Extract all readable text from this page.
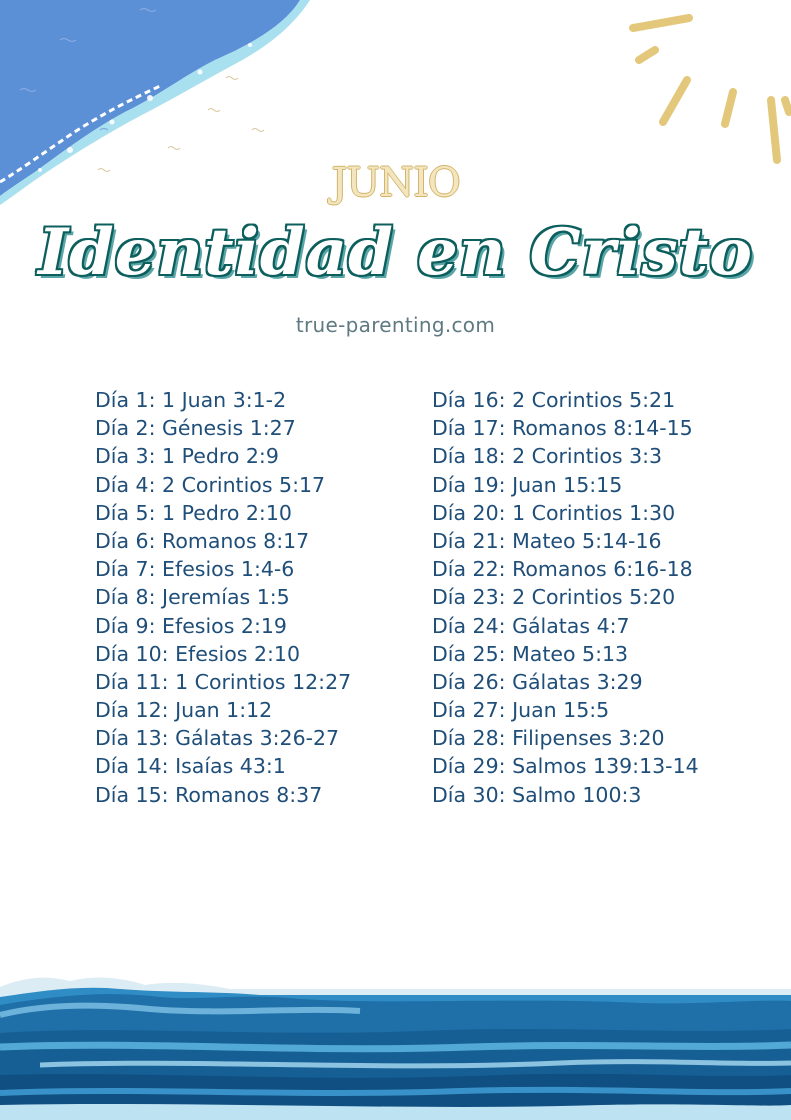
JUNIO
Identidad en Cristo
true-parenting.com
Día 1: 1 Juan 3:1-2
Día 2: Génesis 1:27
Día 3: 1 Pedro 2:9
Día 4: 2 Corintios 5:17
Día 5: 1 Pedro 2:10
Día 6: Romanos 8:17
Día 7: Efesios 1:4-6
Día 8: Jeremías 1:5
Día 9: Efesios 2:19
Día 10: Efesios 2:10
Día 11: 1 Corintios 12:27
Día 12: Juan 1:12
Día 13: Gálatas 3:26-27
Día 14: Isaías 43:1
Día 15: Romanos 8:37
Día 16: 2 Corintios 5:21
Día 17: Romanos 8:14-15
Día 18: 2 Corintios 3:3
Día 19: Juan 15:15
Día 20: 1 Corintios 1:30
Día 21: Mateo 5:14-16
Día 22: Romanos 6:16-18
Día 23: 2 Corintios 5:20
Día 24: Gálatas 4:7
Día 25: Mateo 5:13
Día 26: Gálatas 3:29
Día 27: Juan 15:5
Día 28: Filipenses 3:20
Día 29: Salmos 139:13-14
Día 30: Salmo 100:3
